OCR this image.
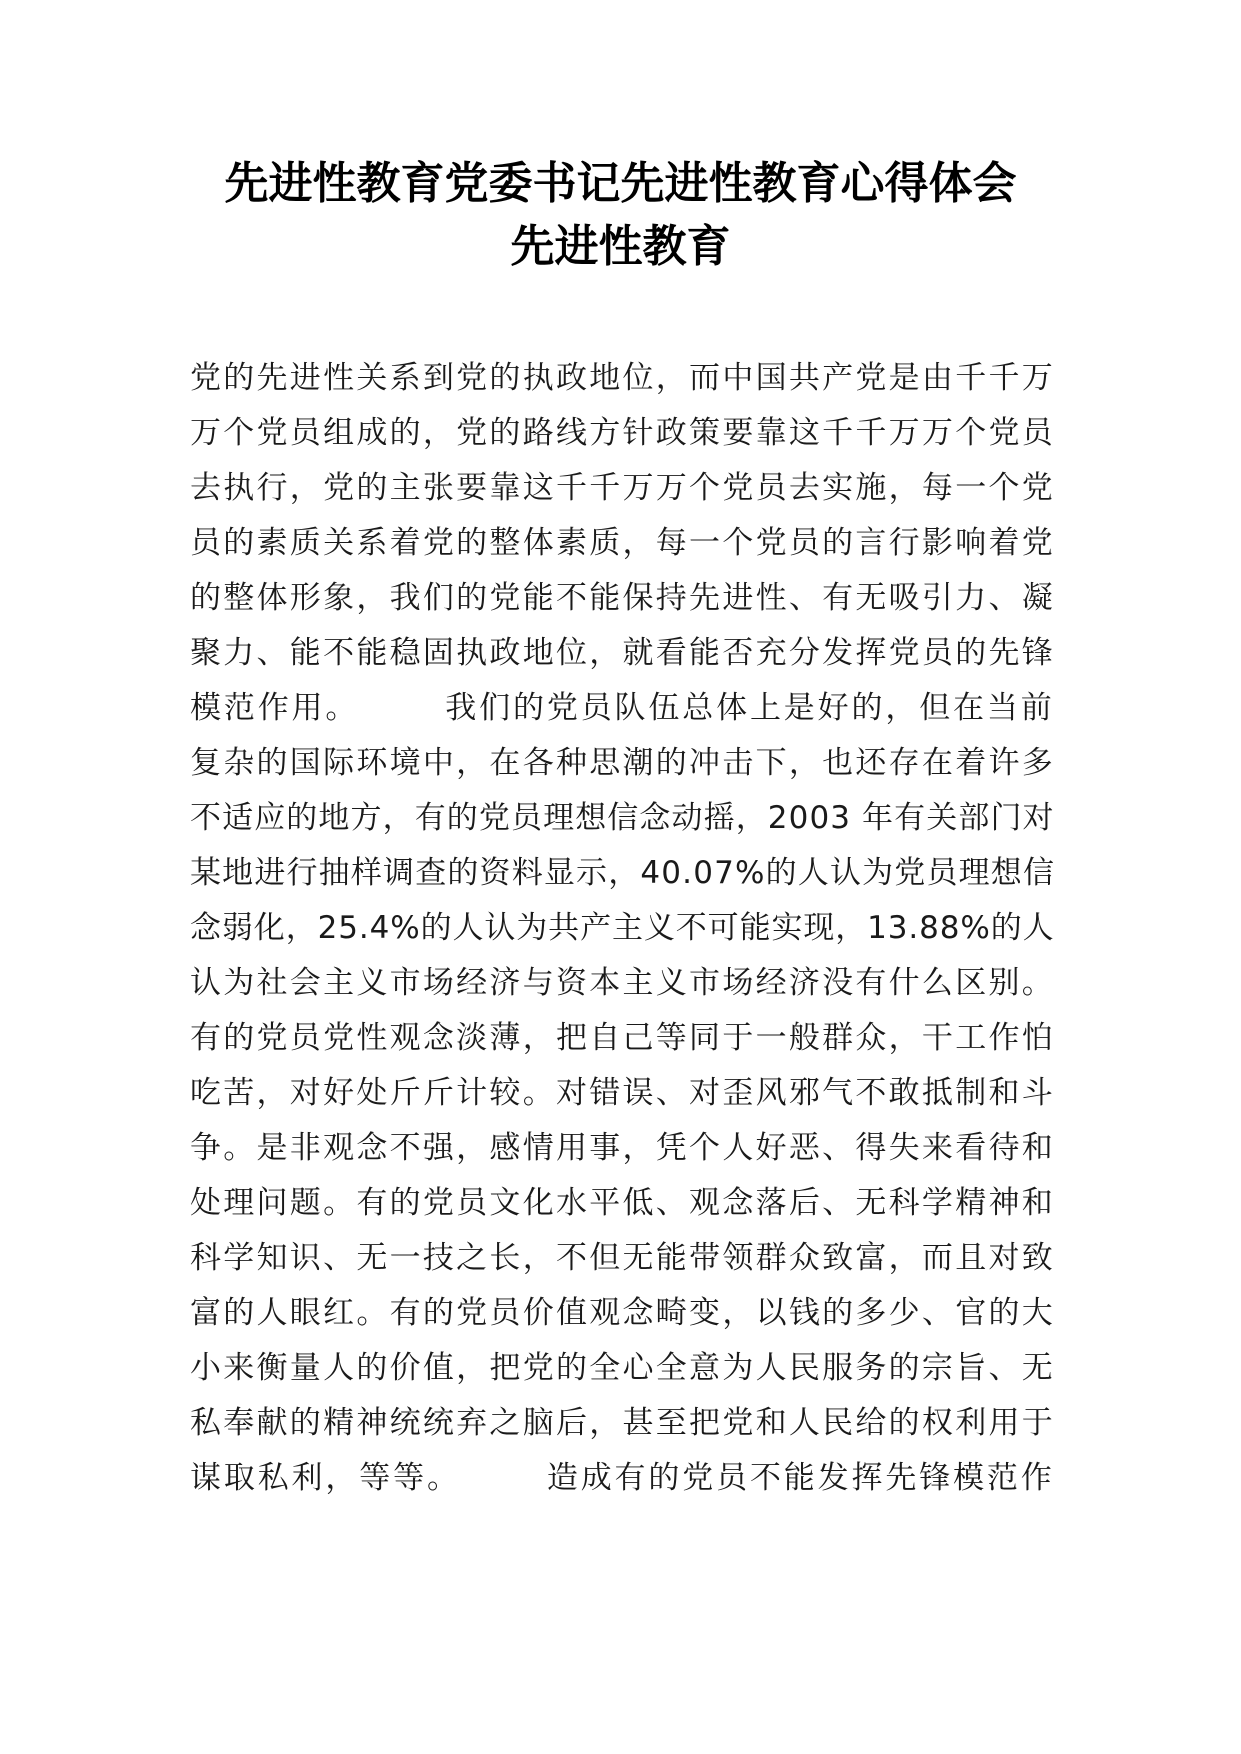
先进性教育党委书记先进性教育心得体会
先进性教育
党的先进性关系到党的执政地位，而中国共产党是由千千万
万个党员组成的，党的路线方针政策要靠这千千万万个党员
去执行，党的主张要靠这千千万万个党员去实施，每一个党
员的素质关系着党的整体素质，每一个党员的言行影响着党
的整体形象，我们的党能不能保持先进性、有无吸引力、凝
聚力、能不能稳固执政地位，就看能否充分发挥党员的先锋
模范作用。　　　我们的党员队伍总体上是好的，但在当前
复杂的国际环境中，在各种思潮的冲击下，也还存在着许多
不适应的地方，有的党员理想信念动摇，2003 年有关部门对
某地进行抽样调查的资料显示，40.07%的人认为党员理想信
念弱化，25.4%的人认为共产主义不可能实现，13.88%的人
认为社会主义市场经济与资本主义市场经济没有什么区别。
有的党员党性观念淡薄，把自己等同于一般群众，干工作怕
吃苦，对好处斤斤计较。对错误、对歪风邪气不敢抵制和斗
争。是非观念不强，感情用事，凭个人好恶、得失来看待和
处理问题。有的党员文化水平低、观念落后、无科学精神和
科学知识、无一技之长，不但无能带领群众致富，而且对致
富的人眼红。有的党员价值观念畸变，以钱的多少、官的大
小来衡量人的价值，把党的全心全意为人民服务的宗旨、无
私奉献的精神统统弃之脑后，甚至把党和人民给的权利用于
谋取私利，等等。　　　造成有的党员不能发挥先锋模范作
